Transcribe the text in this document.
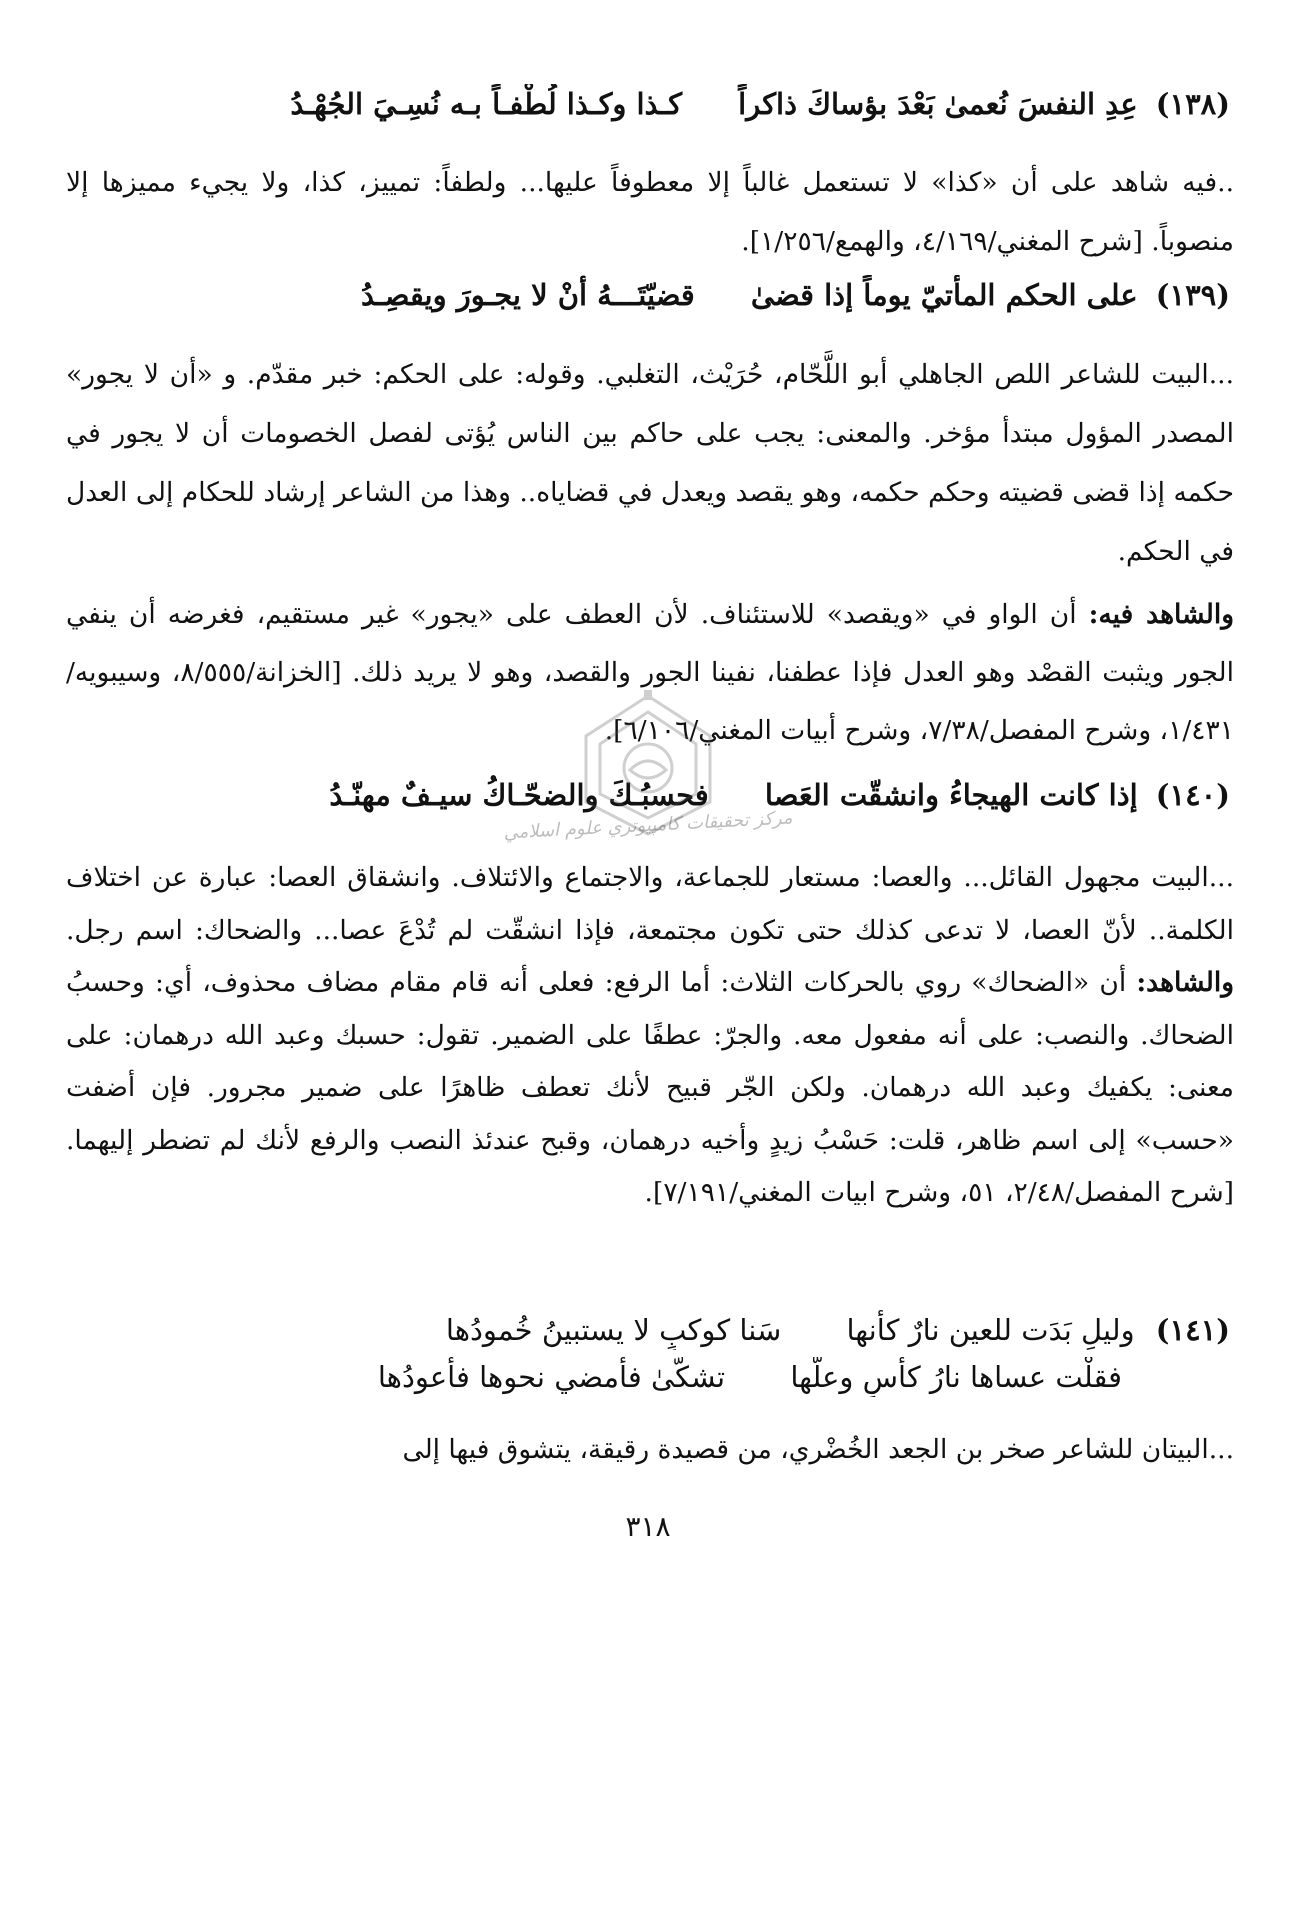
(١٣٨) عِدِ النفسَ نُعمىٰ بَعْدَ بؤساكَ ذاكراً كـذا وكـذا لُطْفـاً بـه نُسِـيَ الجُهْـدُ

..فيه شاهد على أن «كذا» لا تستعمل غالباً إلا معطوفاً عليها... ولطفاً: تمييز، كذا، ولا يجيء مميزها إلا منصوباً. [شرح المغني/٤/١٦٩، والهمع/١/٢٥٦].

(١٣٩) على الحكم المأتيّ يوماً إذا قضىٰ قضيّتَـــهُ أنْ لا يجـورَ ويقصِـدُ

...البيت للشاعر اللص الجاهلي أبو اللَّحّام، حُرَيْث، التغلبي. وقوله: على الحكم: خبر مقدّم. و «أن لا يجور» المصدر المؤول مبتدأ مؤخر. والمعنى: يجب على حاكم بين الناس يُؤتى لفصل الخصومات أن لا يجور في حكمه إذا قضى قضيته وحكم حكمه، وهو يقصد ويعدل في قضاياه.. وهذا من الشاعر إرشاد للحكام إلى العدل في الحكم.

والشاهد فيه: أن الواو في «ويقصد» للاستئناف. لأن العطف على «يجور» غير مستقيم، فغرضه أن ينفي الجور ويثبت القصْد وهو العدل فإذا عطفنا، نفينا الجور والقصد، وهو لا يريد ذلك. [الخزانة/٨/٥٥٥، وسيبويه/١/٤٣١، وشرح المفصل/٧/٣٨، وشرح أبيات المغني/٦/١٠٦].

(١٤٠) إذا كانت الهيجاءُ وانشقّت العَصا فحسبُـكَ والضحّـاكُ سيـفٌ مهنّـدُ

...البيت مجهول القائل... والعصا: مستعار للجماعة، والاجتماع والائتلاف. وانشقاق العصا: عبارة عن اختلاف الكلمة.. لأنّ العصا، لا تدعى كذلك حتى تكون مجتمعة، فإذا انشقّت لم تُدْعَ عصا... والضحاك: اسم رجل. والشاهد: أن «الضحاك» روي بالحركات الثلاث: أما الرفع: فعلى أنه قام مقام مضاف محذوف، أي: وحسبُ الضحاك. والنصب: على أنه مفعول معه. والجرّ: عطفًا على الضمير. تقول: حسبك وعبد الله درهمان: على معنى: يكفيك وعبد الله درهمان. ولكن الجّر قبيح لأنك تعطف ظاهرًا على ضمير مجرور. فإن أضفت «حسب» إلى اسم ظاهر، قلت: حَسْبُ زيدٍ وأخيه درهمان، وقبح عندئذ النصب والرفع لأنك لم تضطر إليهما. [شرح المفصل/٢/٤٨، ٥١، وشرح ابيات المغني/٧/١٩١].

(١٤١) وليلٍ بَدَت للعين نارٌ كأنها سَنا كوكبٍ لا يستبينُ خُمودُها
فقلْت عساها نارُ كأسٍ وعلّها تشكّىٰ فأمضي نحوها فأعودُها

...البيتان للشاعر صخر بن الجعد الخُضْري، من قصيدة رقيقة، يتشوق فيها إلى

٣١٨
مركز تحقيقات كامپيوتري علوم اسلامي
